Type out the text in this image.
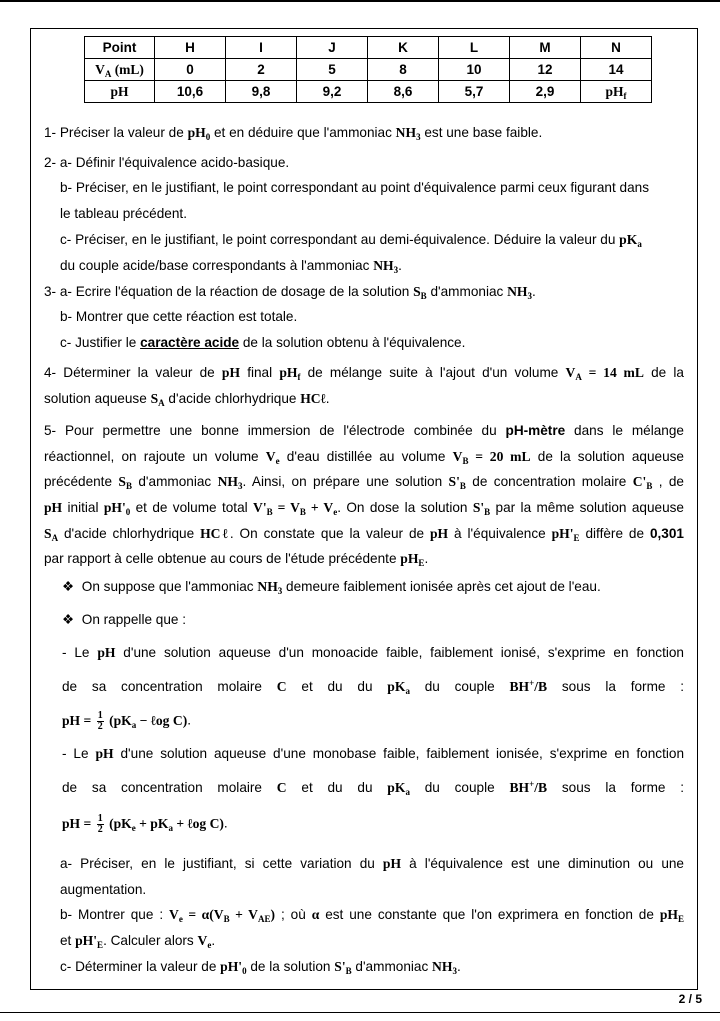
Point	H	I	J	K	L	M	N
$V_A$ (mL)	0	2	5	8	10	12	14
pH	10,6	9,8	9,2	8,6	5,7	2,9	$pH_f$
1- Préciser la valeur de $pH_0$ et en déduire que l'ammoniac $NH_3$ est une base faible.
2- a- Définir l'équivalence acido-basique.
b- Préciser, en le justifiant, le point correspondant au point d'équivalence parmi ceux figurant dans
le tableau précédent.
c- Préciser, en le justifiant, le point correspondant au demi-équivalence. Déduire la valeur du $pK_a$
du couple acide/base correspondants à l'ammoniac $NH_3$.
3- a- Ecrire l'équation de la réaction de dosage de la solution $S_B$ d'ammoniac $NH_3$.
b- Montrer que cette réaction est totale.
c- Justifier le caractère acide de la solution obtenu à l'équivalence.
4- Déterminer la valeur de pH final $pH_f$ de mélange suite à l'ajout d'un volume $V_A = 14$ mL de la
solution aqueuse $S_A$ d'acide chlorhydrique HCℓ.
5- Pour permettre une bonne immersion de l'électrode combinée du pH-mètre dans le mélange
réactionnel, on rajoute un volume $V_e$ d'eau distillée au volume $V_B = 20$ mL de la solution aqueuse
précédente $S_B$ d'ammoniac $NH_3$. Ainsi, on prépare une solution $S'_B$ de concentration molaire $C'_B$ , de
pH initial $pH'_0$ et de volume total $V'_B = V_B + V_e$. On dose la solution $S'_B$ par la même solution aqueuse
$S_A$ d'acide chlorhydrique HCℓ. On constate que la valeur de pH à l'équivalence $pH'_E$ diffère de 0,301
par rapport à celle obtenue au cours de l'étude précédente $pH_E$.
❖  On suppose que l'ammoniac $NH_3$ demeure faiblement ionisée après cet ajout de l'eau.
❖  On rappelle que :
- Le pH d'une solution aqueuse d'un monoacide faible, faiblement ionisé, s'exprime en fonction
de sa concentration molaire C et du du $pK_a$ du couple BH+/B sous la forme :
pH = $\frac{1}{2} (pK_a$ − ℓog C).
- Le pH d'une solution aqueuse d'une monobase faible, faiblement ionisée, s'exprime en fonction
de sa concentration molaire C et du du $pK_a$ du couple BH+/B sous la forme :
pH = $\frac{1}{2} (pK_e + pK_a$ + ℓog C).
a- Préciser, en le justifiant, si cette variation du pH à l'équivalence est une diminution ou une
augmentation.
b- Montrer que : $V_e = \alpha(V_B + V_{AE})$ ; où α est une constante que l'on exprimera en fonction de $pH_E$
et $pH'_E$. Calculer alors $V_e$.
c- Déterminer la valeur de $pH'_0$ de la solution $S'_B$ d'ammoniac $NH_3$.
2 / 5
